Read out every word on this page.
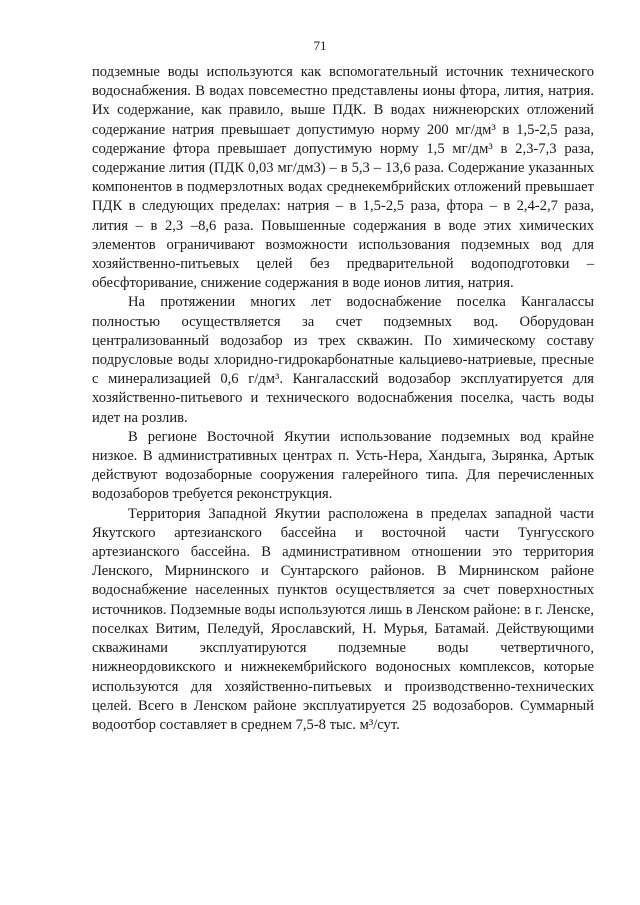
71

подземные воды используются как вспомогательный источник технического водоснабжения. В водах повсеместно представлены ионы фтора, лития, натрия. Их содержание, как правило, выше ПДК. В водах нижнеюрских отложений содержание натрия превышает допустимую норму 200 мг/дм³ в 1,5-2,5 раза, содержание фтора превышает допустимую норму 1,5 мг/дм³ в 2,3-7,3 раза, содержание лития (ПДК 0,03 мг/дм3) – в 5,3 – 13,6 раза. Содержание указанных компонентов в подмерзлотных водах среднекембрийских отложений превышает ПДК в следующих пределах: натрия – в 1,5-2,5 раза, фтора – в 2,4-2,7 раза, лития – в 2,3 –8,6 раза. Повышенные содержания в воде этих химических элементов ограничивают возможности использования подземных вод для хозяйственно-питьевых целей без предварительной водоподготовки – обесфторивание, снижение содержания в воде ионов лития, натрия.

На протяжении многих лет водоснабжение поселка Кангалассы полностью осуществляется за счет подземных вод. Оборудован централизованный водозабор из трех скважин. По химическому составу подрусловые воды хлоридно-гидрокарбонатные кальциево-натриевые, пресные с минерализацией 0,6 г/дм³. Кангаласский водозабор эксплуатируется для хозяйственно-питьевого и технического водоснабжения поселка, часть воды идет на розлив.

В регионе Восточной Якутии использование подземных вод крайне низкое. В административных центрах п. Усть-Нера, Хандыга, Зырянка, Артык действуют водозаборные сооружения галерейного типа. Для перечисленных водозаборов требуется реконструкция.

Территория Западной Якутии расположена в пределах западной части Якутского артезианского бассейна и восточной части Тунгусского артезианского бассейна. В административном отношении это территория Ленского, Мирнинского и Сунтарского районов. В Мирнинском районе водоснабжение населенных пунктов осуществляется за счет поверхностных источников. Подземные воды используются лишь в Ленском районе: в г. Ленске, поселках Витим, Пеледуй, Ярославский, Н. Мурья, Батамай. Действующими скважинами эксплуатируются подземные воды четвертичного, нижнеордовикского и нижнекембрийского водоносных комплексов, которые используются для хозяйственно-питьевых и производственно-технических целей. Всего в Ленском районе эксплуатируется 25 водозаборов. Суммарный водоотбор составляет в среднем 7,5-8 тыс. м³/сут.
